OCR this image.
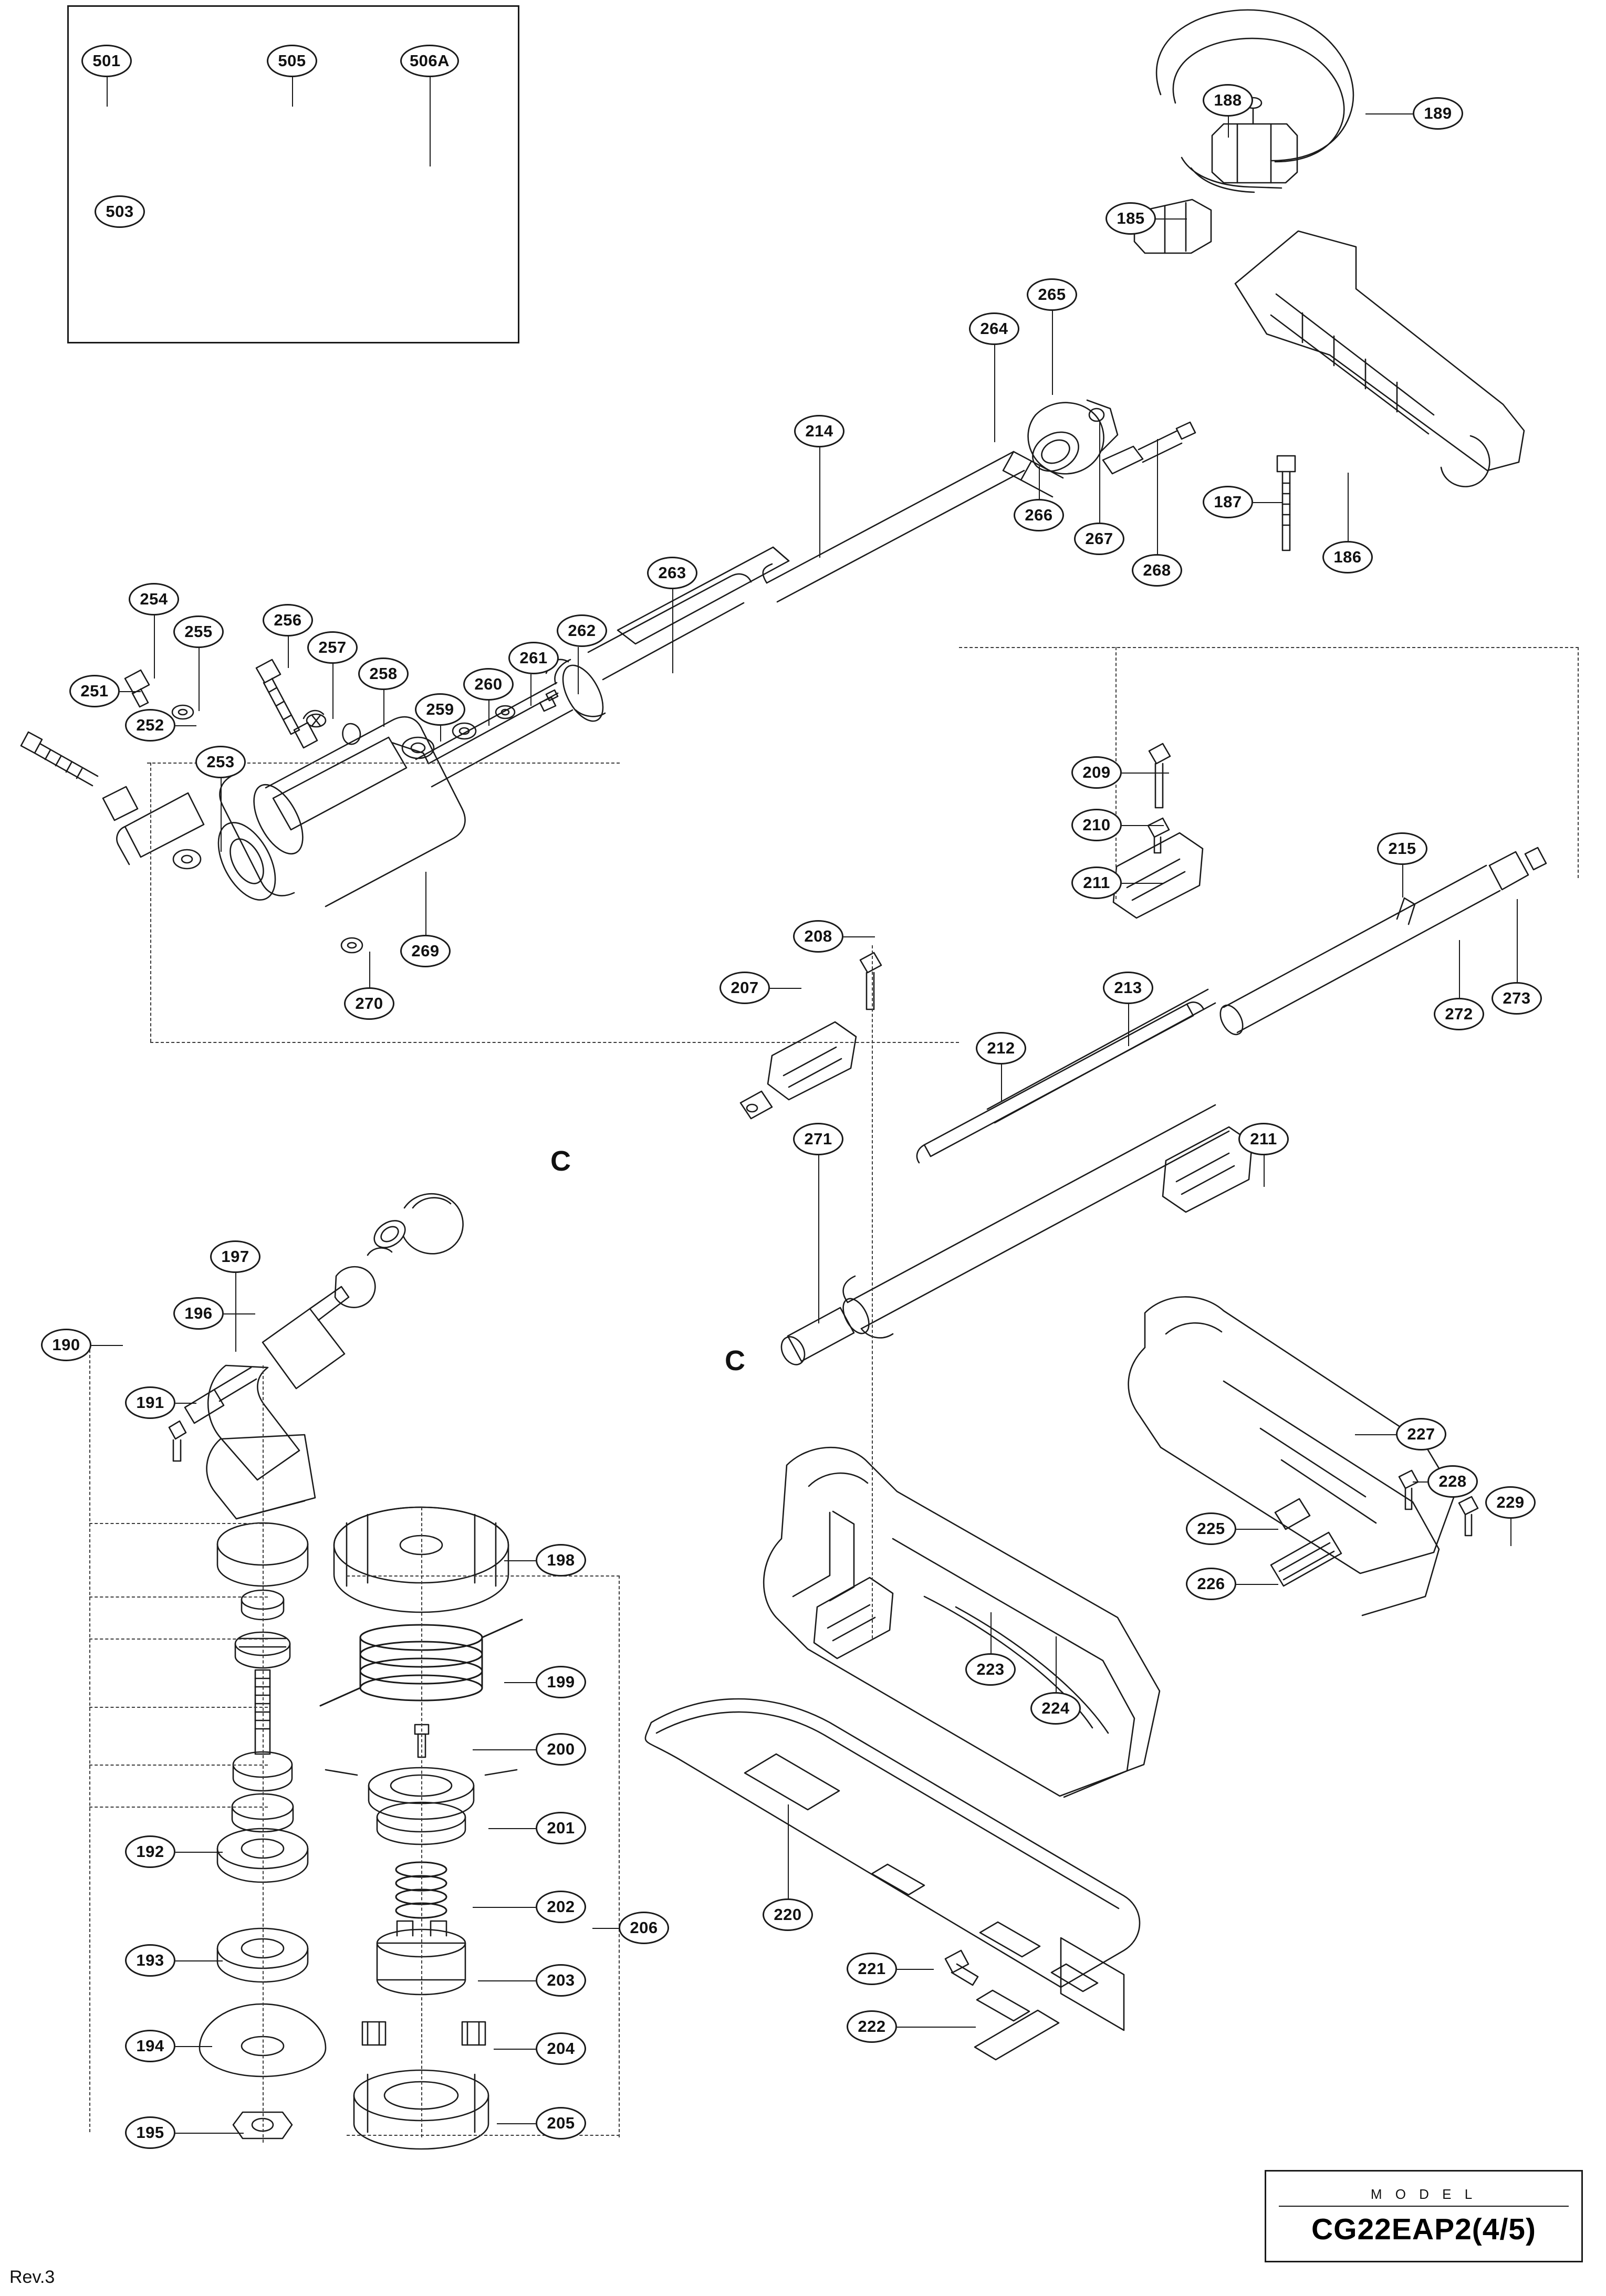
C
C
501	505	506A
503
188
189
185
187
186
265
264
266
267
268
214
263
254
255
256
257
258
259
260
261
262
251
252
253
269
270
209
210
211
215
272
273
208
207	213
212
271	211
197
196
190
191
192
193
194
195
198
199
200
201
202
203
204
205
206
227
228
229
225
226
223
224
220
221
222
M O D E L
CG22EAP2(4/5)
Rev.3
